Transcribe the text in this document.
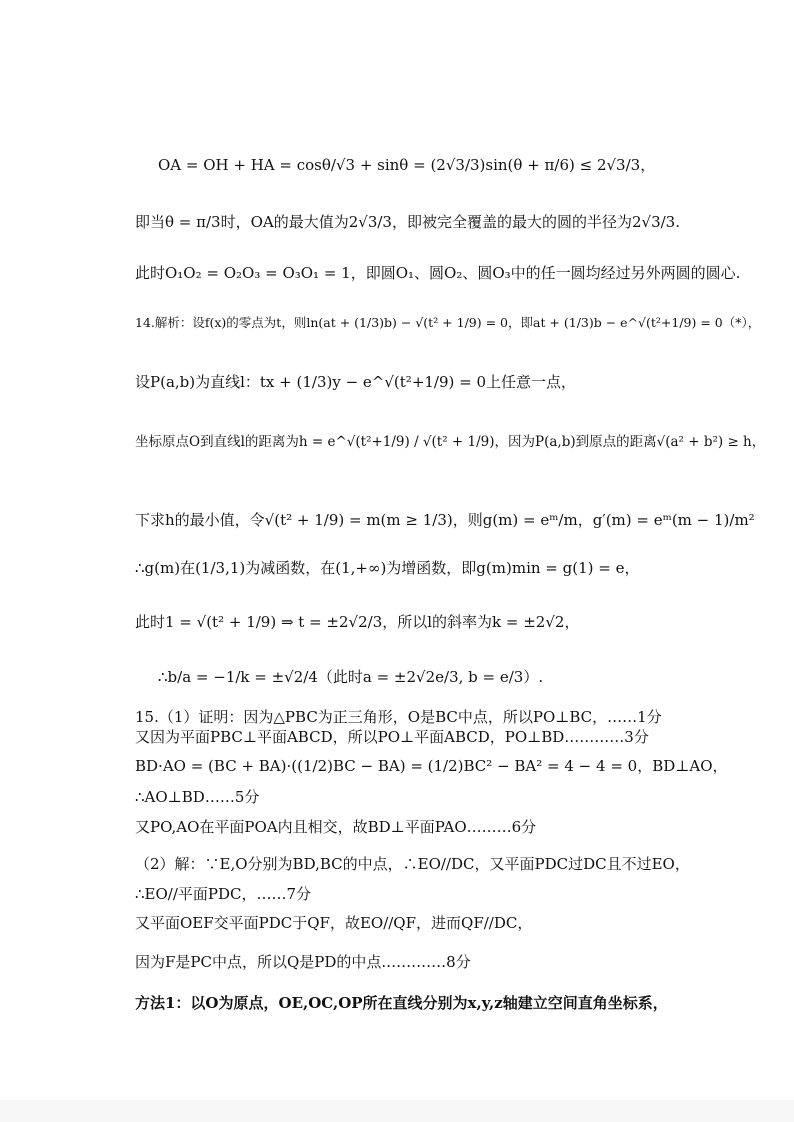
OA = OH + HA = cosθ/√3 + sinθ = (2√3/3)sin(θ + π/6) ≤ 2√3/3，
即当θ = π/3时，OA的最大值为2√3/3，即被完全覆盖的最大的圆的半径为2√3/3.
此时O₁O₂ = O₂O₃ = O₃O₁ = 1，即圆O₁、圆O₂、圆O₃中的任一圆均经过另外两圆的圆心.
14.解析：设f(x)的零点为t，则ln(at + (1/3)b) − √(t² + 1/9) = 0，即at + (1/3)b − e^√(t²+1/9) = 0（*），
设P(a,b)为直线l：tx + (1/3)y − e^√(t²+1/9) = 0上任意一点，
坐标原点O到直线l的距离为h = e^√(t²+1/9) / √(t² + 1/9)，因为P(a,b)到原点的距离√(a² + b²) ≥ h，
下求h的最小值，令√(t² + 1/9) = m(m ≥ 1/3)，则g(m) = eᵐ/m，g′(m) = eᵐ(m − 1)/m²
∴g(m)在(1/3,1)为减函数，在(1,+∞)为增函数，即g(m)min = g(1) = e，
此时1 = √(t² + 1/9) ⇒ t = ±2√2/3，所以l的斜率为k = ±2√2，
∴b/a = −1/k = ±√2/4（此时a = ±2√2e/3, b = e/3）.
15.（1）证明：因为△PBC为正三角形，O是BC中点，所以PO⊥BC，……1分
又因为平面PBC⊥平面ABCD，所以PO⊥平面ABCD，PO⊥BD…………3分
BD·AO = (BC + BA)·((1/2)BC − BA) = (1/2)BC² − BA² = 4 − 4 = 0，BD⊥AO，
∴AO⊥BD……5分
又PO,AO在平面POA内且相交，故BD⊥平面PAO………6分
（2）解：∵E,O分别为BD,BC的中点，∴EO//DC，又平面PDC过DC且不过EO，
∴EO//平面PDC，……7分
又平面OEF交平面PDC于QF，故EO//QF，进而QF//DC，
因为F是PC中点，所以Q是PD的中点.…………8分
方法1：以O为原点，OE,OC,OP所在直线分别为x,y,z轴建立空间直角坐标系，
